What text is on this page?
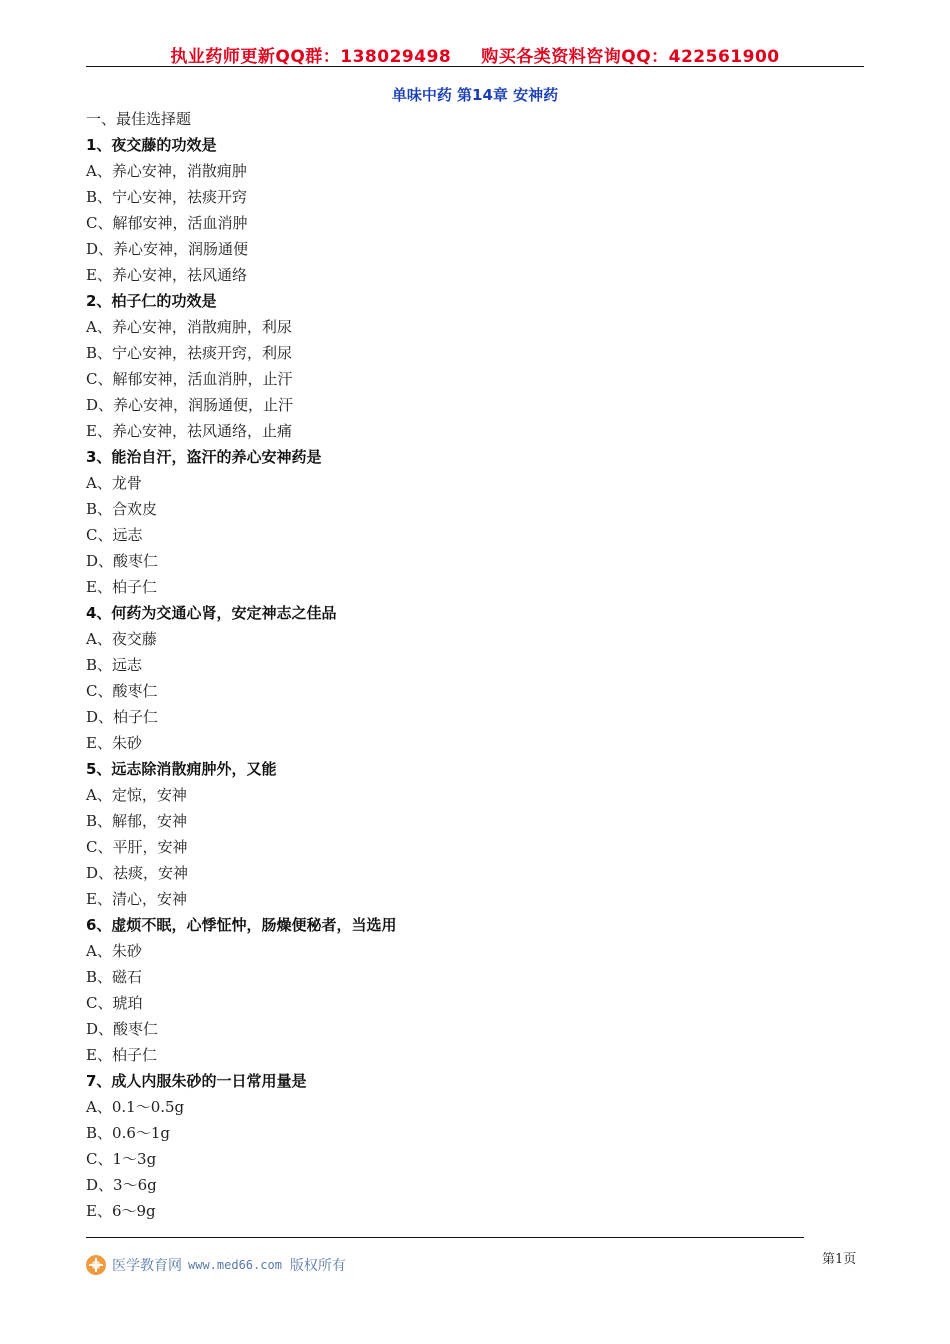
执业药师更新QQ群：138029498 购买各类资料咨询QQ：422561900
单味中药 第14章 安神药
一、最佳选择题
1、夜交藤的功效是
A、养心安神，消散痈肿
B、宁心安神，祛痰开窍
C、解郁安神，活血消肿
D、养心安神，润肠通便
E、养心安神，祛风通络
2、柏子仁的功效是
A、养心安神，消散痈肿，利尿
B、宁心安神，祛痰开窍，利尿
C、解郁安神，活血消肿，止汗
D、养心安神，润肠通便，止汗
E、养心安神，祛风通络，止痛
3、能治自汗，盗汗的养心安神药是
A、龙骨
B、合欢皮
C、远志
D、酸枣仁
E、柏子仁
4、何药为交通心肾，安定神志之佳品
A、夜交藤
B、远志
C、酸枣仁
D、柏子仁
E、朱砂
5、远志除消散痈肿外，又能
A、定惊，安神
B、解郁，安神
C、平肝，安神
D、祛痰，安神
E、清心，安神
6、虚烦不眠，心悸怔忡，肠燥便秘者，当选用
A、朱砂
B、磁石
C、琥珀
D、酸枣仁
E、柏子仁
7、成人内服朱砂的一日常用量是
A、0.1～0.5g
B、0.6～1g
C、1～3g
D、3～6g
E、6～9g
医学教育网 www.med66.com 版权所有	第1页
